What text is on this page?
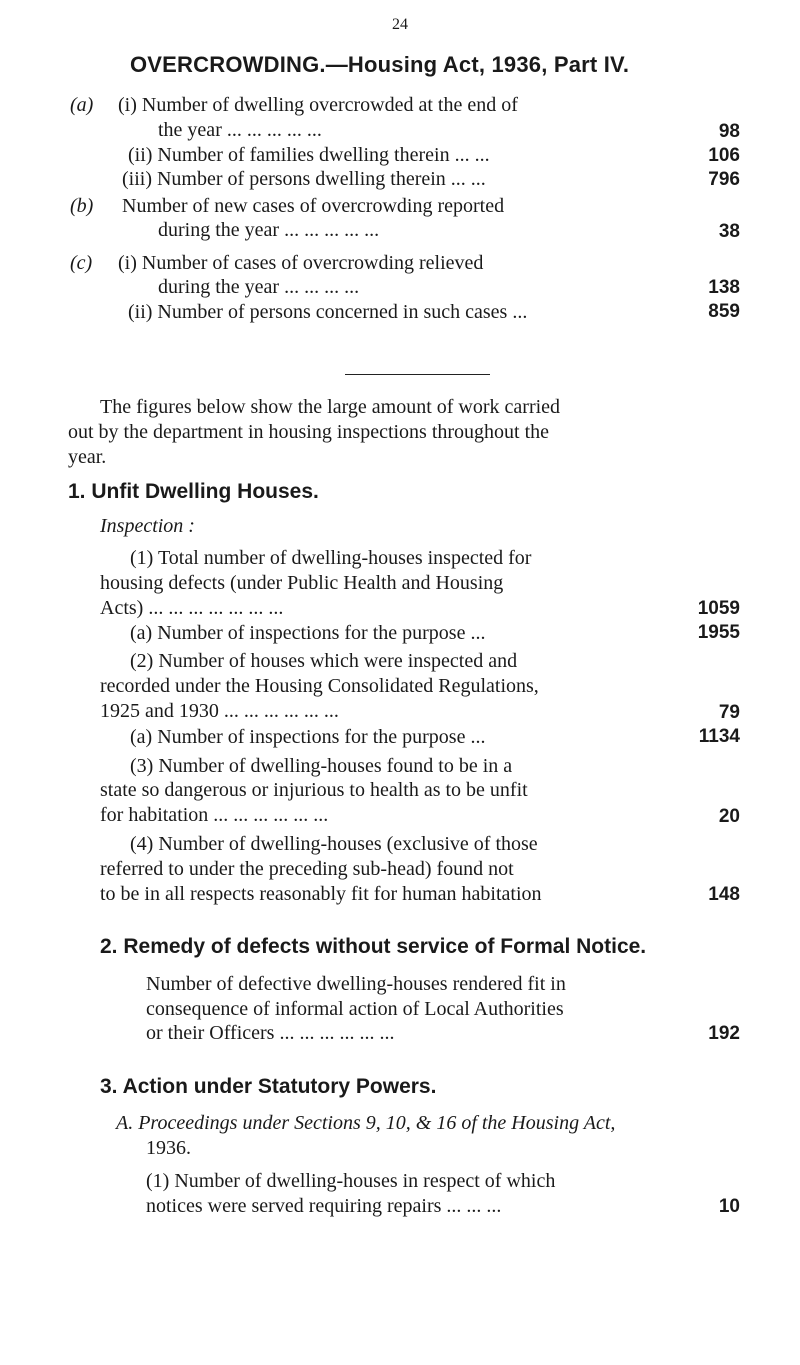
24
OVERCROWDING.—Housing Act, 1936, Part IV.
(a) (i) Number of dwelling overcrowded at the end of
the year ... ... ... ... ...	98
(ii) Number of families dwelling therein ... ...	106
(iii) Number of persons dwelling therein ... ...	796
(b) Number of new cases of overcrowding reported
during the year ... ... ... ... ...	38
(c) (i) Number of cases of overcrowding relieved
during the year ... ... ... ...	138
(ii) Number of persons concerned in such cases ...	859
The figures below show the large amount of work carried
out by the department in housing inspections throughout the
year.
1. Unfit Dwelling Houses.
Inspection :
(1) Total number of dwelling-houses inspected for
housing defects (under Public Health and Housing
Acts) ... ... ... ... ... ... ...	1059
(a) Number of inspections for the purpose ...	1955
(2) Number of houses which were inspected and
recorded under the Housing Consolidated Regulations,
1925 and 1930 ... ... ... ... ... ...	79
(a) Number of inspections for the purpose ...	1134
(3) Number of dwelling-houses found to be in a
state so dangerous or injurious to health as to be unfit
for habitation ... ... ... ... ... ...	20
(4) Number of dwelling-houses (exclusive of those
referred to under the preceding sub-head) found not
to be in all respects reasonably fit for human habitation	148
2. Remedy of defects without service of Formal Notice.
Number of defective dwelling-houses rendered fit in
consequence of informal action of Local Authorities
or their Officers ... ... ... ... ... ...	192
3. Action under Statutory Powers.
A. Proceedings under Sections 9, 10, & 16 of the Housing Act,
1936.
(1) Number of dwelling-houses in respect of which
notices were served requiring repairs ... ... ...	10
